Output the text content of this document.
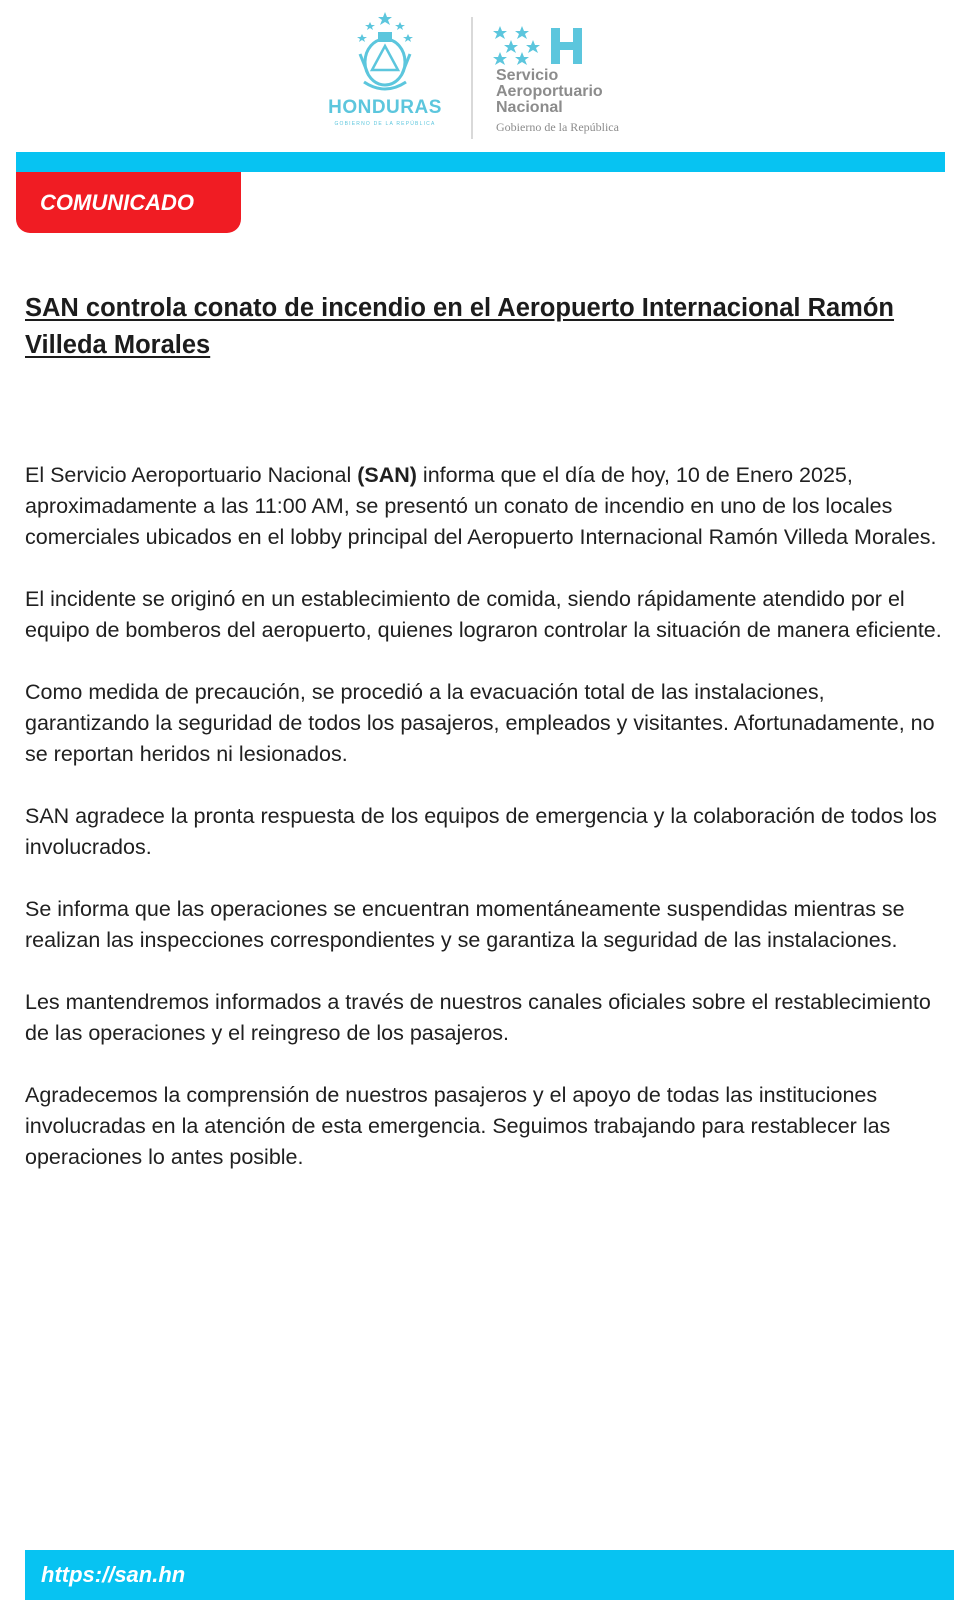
HONDURAS
GOBIERNO DE LA REPÚBLICA
Servicio
Aeroportuario
Nacional
Gobierno de la República
COMUNICADO
SAN controla conato de incendio en el Aeropuerto Internacional Ramón Villeda Morales

El Servicio Aeroportuario Nacional (SAN) informa que el día de hoy, 10 de Enero 2025, aproximadamente a las 11:00 AM, se presentó un conato de incendio en uno de los locales comerciales ubicados en el lobby principal del Aeropuerto Internacional Ramón Villeda Morales.

El incidente se originó en un establecimiento de comida, siendo rápidamente atendido por el equipo de bomberos del aeropuerto, quienes lograron controlar la situación de manera eficiente.

Como medida de precaución, se procedió a la evacuación total de las instalaciones, garantizando la seguridad de todos los pasajeros, empleados y visitantes. Afortunadamente, no se reportan heridos ni lesionados.

SAN agradece la pronta respuesta de los equipos de emergencia y la colaboración de todos los involucrados.

Se informa que las operaciones se encuentran momentáneamente suspendidas mientras se realizan las inspecciones correspondientes y se garantiza la seguridad de las instalaciones.

Les mantendremos informados a través de nuestros canales oficiales sobre el restablecimiento de las operaciones y el reingreso de los pasajeros.

Agradecemos la comprensión de nuestros pasajeros y el apoyo de todas las instituciones involucradas en la atención de esta emergencia. Seguimos trabajando para restablecer las operaciones lo antes posible.

https://san.hn
